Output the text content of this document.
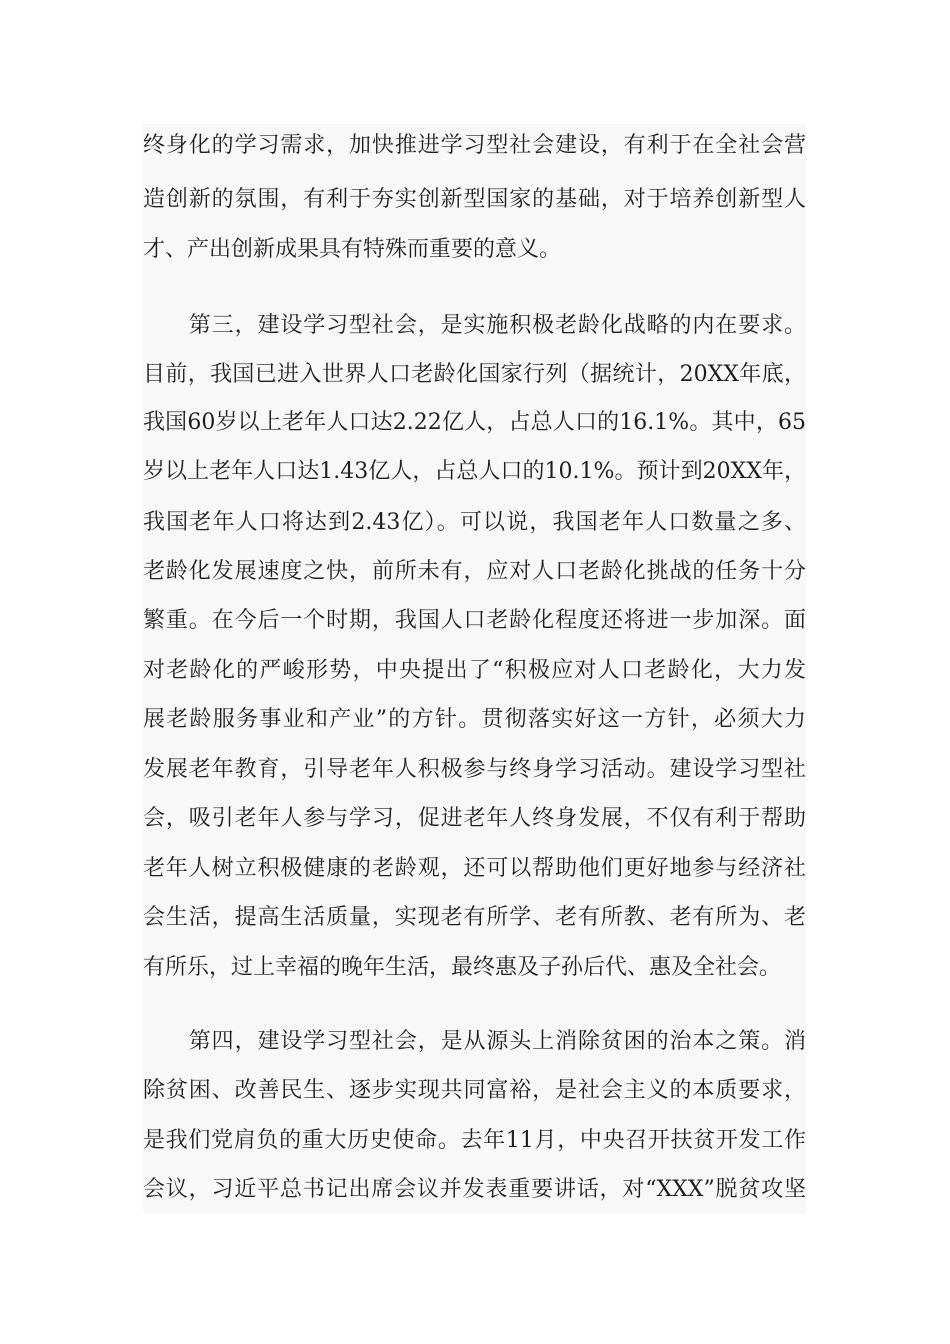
终身化的学习需求，加快推进学习型社会建设，有利于在全社会营
造创新的氛围，有利于夯实创新型国家的基础，对于培养创新型人
才、产出创新成果具有特殊而重要的意义。
　　第三，建设学习型社会，是实施积极老龄化战略的内在要求。
目前，我国已进入世界人口老龄化国家行列（据统计，20XX年底，
我国60岁以上老年人口达2.22亿人，占总人口的16.1%。其中，65
岁以上老年人口达1.43亿人，占总人口的10.1%。预计到20XX年，
我国老年人口将达到2.43亿）。可以说，我国老年人口数量之多、
老龄化发展速度之快，前所未有，应对人口老龄化挑战的任务十分
繁重。在今后一个时期，我国人口老龄化程度还将进一步加深。面
对老龄化的严峻形势，中央提出了“积极应对人口老龄化，大力发
展老龄服务事业和产业”的方针。贯彻落实好这一方针，必须大力
发展老年教育，引导老年人积极参与终身学习活动。建设学习型社
会，吸引老年人参与学习，促进老年人终身发展，不仅有利于帮助
老年人树立积极健康的老龄观，还可以帮助他们更好地参与经济社
会生活，提高生活质量，实现老有所学、老有所教、老有所为、老
有所乐，过上幸福的晚年生活，最终惠及子孙后代、惠及全社会。
　　第四，建设学习型社会，是从源头上消除贫困的治本之策。消
除贫困、改善民生、逐步实现共同富裕，是社会主义的本质要求，
是我们党肩负的重大历史使命。去年11月，中央召开扶贫开发工作
会议，习近平总书记出席会议并发表重要讲话，对“XXX”脱贫攻坚
